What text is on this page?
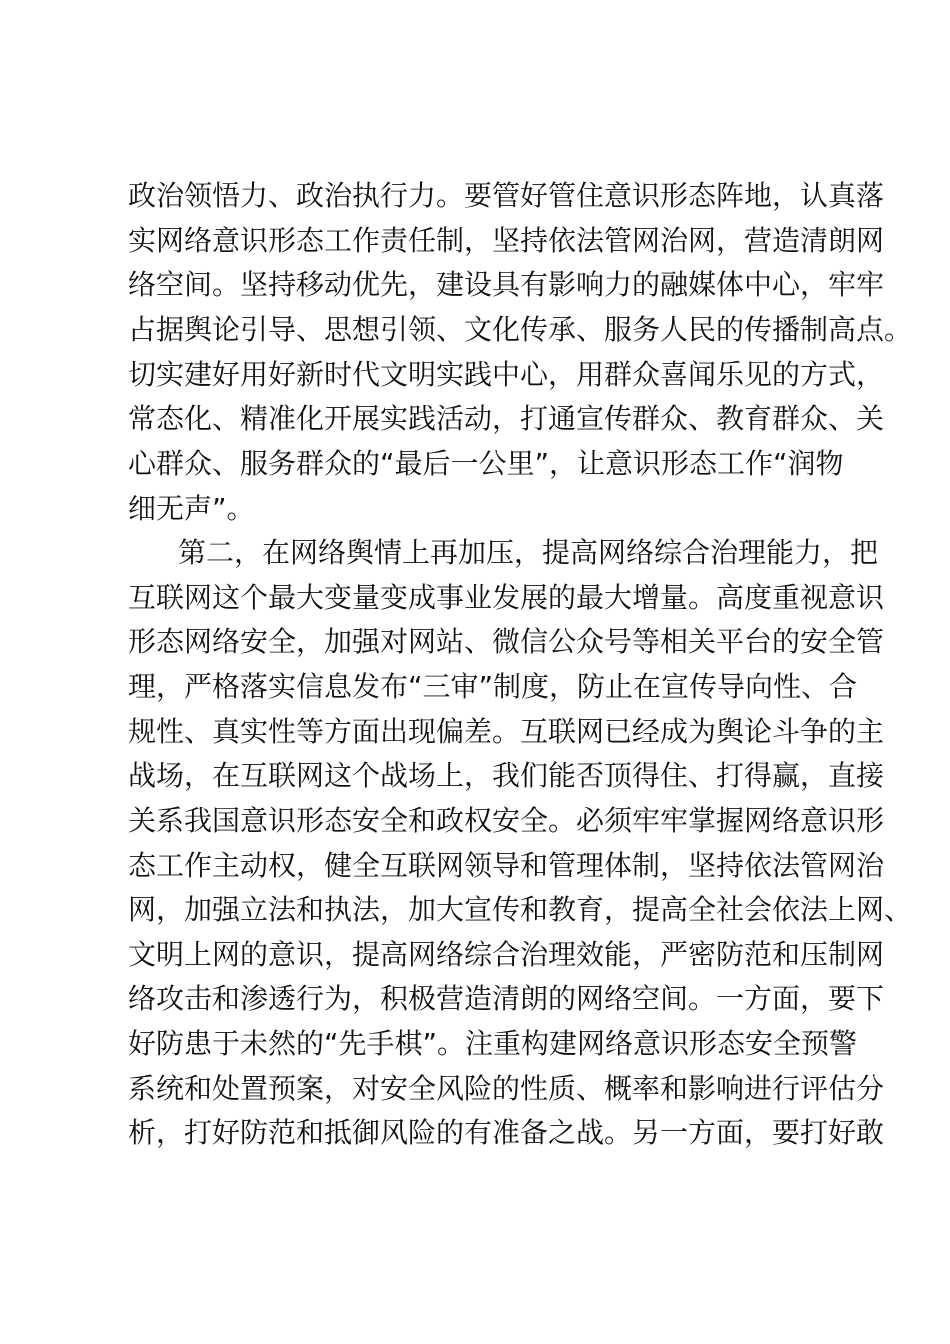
政治领悟力、政治执行力。要管好管住意识形态阵地，认真落
实网络意识形态工作责任制，坚持依法管网治网，营造清朗网
络空间。坚持移动优先，建设具有影响力的融媒体中心，牢牢
占据舆论引导、思想引领、文化传承、服务人民的传播制高点。
切实建好用好新时代文明实践中心，用群众喜闻乐见的方式，
常态化、精准化开展实践活动，打通宣传群众、教育群众、关
心群众、服务群众的“最后一公里”，让意识形态工作“润物
细无声”。
第二，在网络舆情上再加压，提高网络综合治理能力，把
互联网这个最大变量变成事业发展的最大增量。高度重视意识
形态网络安全，加强对网站、微信公众号等相关平台的安全管
理，严格落实信息发布“三审”制度，防止在宣传导向性、合
规性、真实性等方面出现偏差。互联网已经成为舆论斗争的主
战场，在互联网这个战场上，我们能否顶得住、打得赢，直接
关系我国意识形态安全和政权安全。必须牢牢掌握网络意识形
态工作主动权，健全互联网领导和管理体制，坚持依法管网治
网，加强立法和执法，加大宣传和教育，提高全社会依法上网、
文明上网的意识，提高网络综合治理效能，严密防范和压制网
络攻击和渗透行为，积极营造清朗的网络空间。一方面，要下
好防患于未然的“先手棋”。注重构建网络意识形态安全预警
系统和处置预案，对安全风险的性质、概率和影响进行评估分
析，打好防范和抵御风险的有准备之战。另一方面，要打好敢
